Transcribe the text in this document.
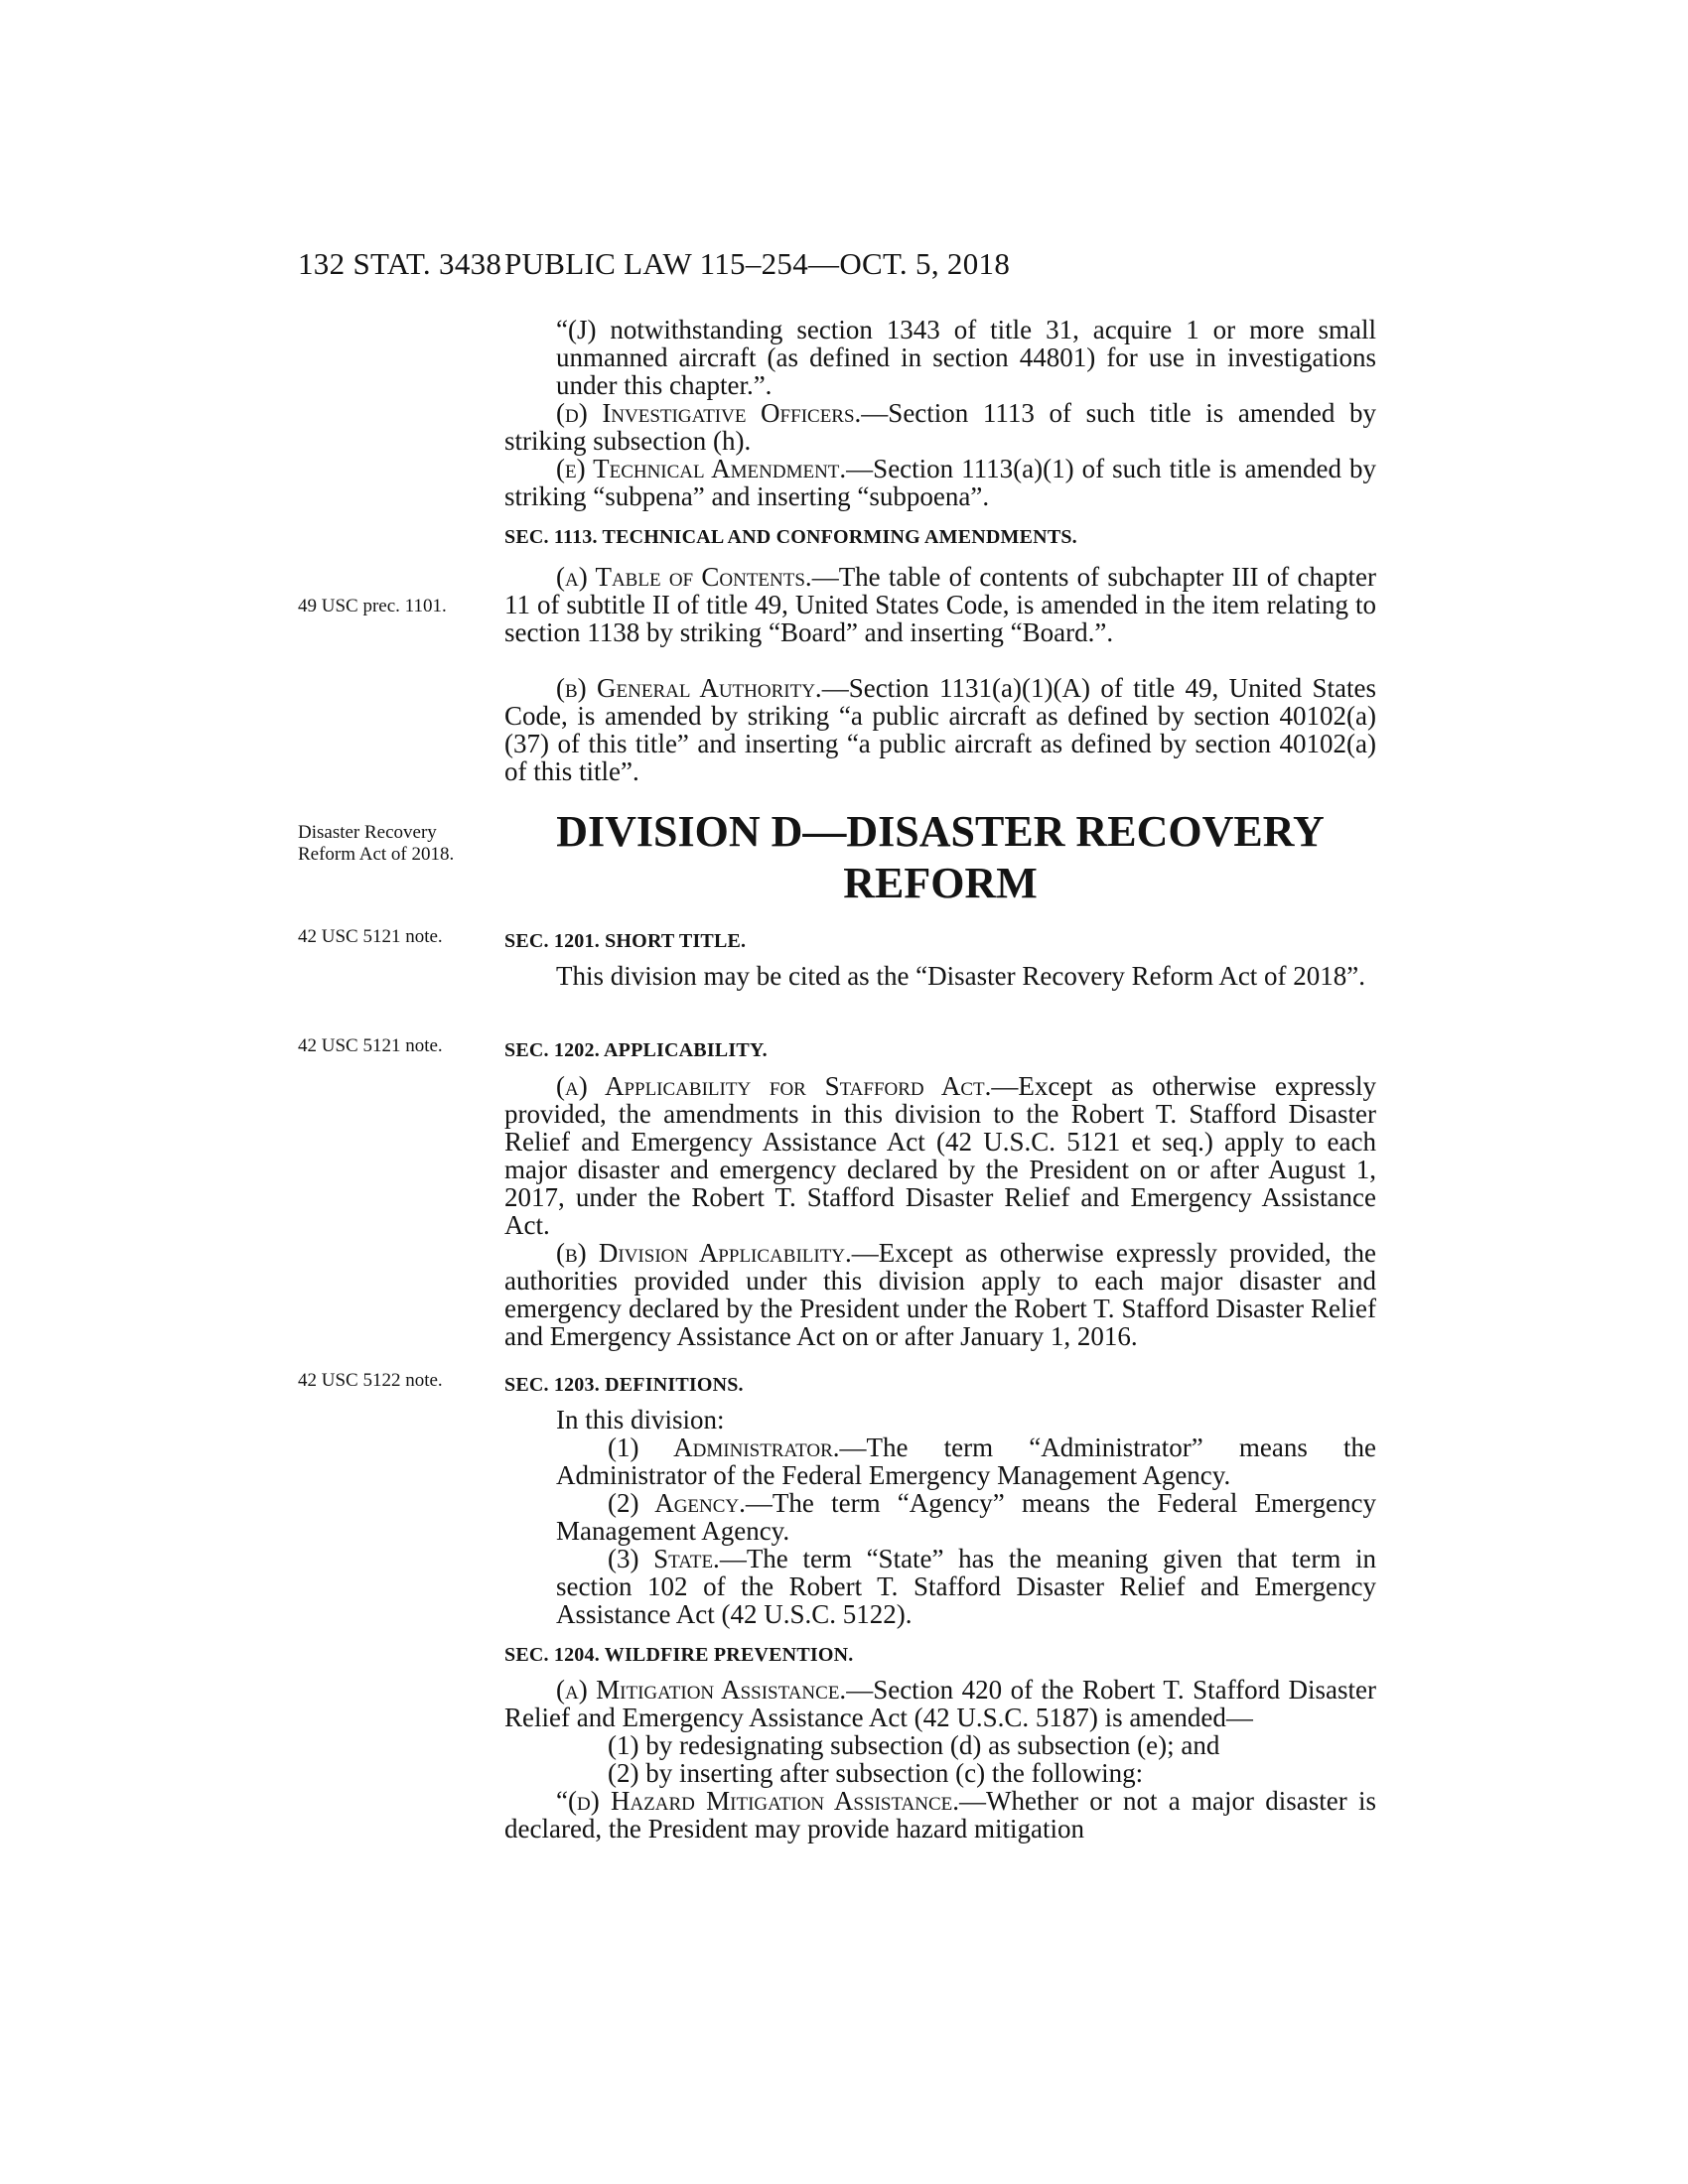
132 STAT. 3438 PUBLIC LAW 115–254—OCT. 5, 2018

“(J) notwithstanding section 1343 of title 31, acquire 1 or more small unmanned aircraft (as defined in section 44801) for use in investigations under this chapter.”.

(d) Investigative Officers.—Section 1113 of such title is amended by striking subsection (h).

(e) Technical Amendment.—Section 1113(a)(1) of such title is amended by striking “subpena” and inserting “subpoena”.

SEC. 1113. TECHNICAL AND CONFORMING AMENDMENTS.
49 USC prec. 1101.

(a) Table of Contents.—The table of contents of subchapter III of chapter 11 of subtitle II of title 49, United States Code, is amended in the item relating to section 1138 by striking “Board” and inserting “Board.”.

(b) General Authority.—Section 1131(a)(1)(A) of title 49, United States Code, is amended by striking “a public aircraft as defined by section 40102(a)(37) of this title” and inserting “a public aircraft as defined by section 40102(a) of this title”.

Disaster Recovery Reform Act of 2018.	DIVISION D—DISASTER RECOVERY
REFORM
42 USC 5121 note.	SEC. 1201. SHORT TITLE.

This division may be cited as the “Disaster Recovery Reform Act of 2018”.

42 USC 5121 note.	SEC. 1202. APPLICABILITY.

(a) Applicability for Stafford Act.—Except as otherwise expressly provided, the amendments in this division to the Robert T. Stafford Disaster Relief and Emergency Assistance Act (42 U.S.C. 5121 et seq.) apply to each major disaster and emergency declared by the President on or after August 1, 2017, under the Robert T. Stafford Disaster Relief and Emergency Assistance Act.

(b) Division Applicability.—Except as otherwise expressly provided, the authorities provided under this division apply to each major disaster and emergency declared by the President under the Robert T. Stafford Disaster Relief and Emergency Assistance Act on or after January 1, 2016.

42 USC 5122 note.	SEC. 1203. DEFINITIONS.

In this division:

(1) Administrator.—The term “Administrator” means the Administrator of the Federal Emergency Management Agency.

(2) Agency.—The term “Agency” means the Federal Emergency Management Agency.

(3) State.—The term “State” has the meaning given that term in section 102 of the Robert T. Stafford Disaster Relief and Emergency Assistance Act (42 U.S.C. 5122).

SEC. 1204. WILDFIRE PREVENTION.

(a) Mitigation Assistance.—Section 420 of the Robert T. Stafford Disaster Relief and Emergency Assistance Act (42 U.S.C. 5187) is amended—

(1) by redesignating subsection (d) as subsection (e); and

(2) by inserting after subsection (c) the following:

“(d) Hazard Mitigation Assistance.—Whether or not a major disaster is declared, the President may provide hazard mitigation
